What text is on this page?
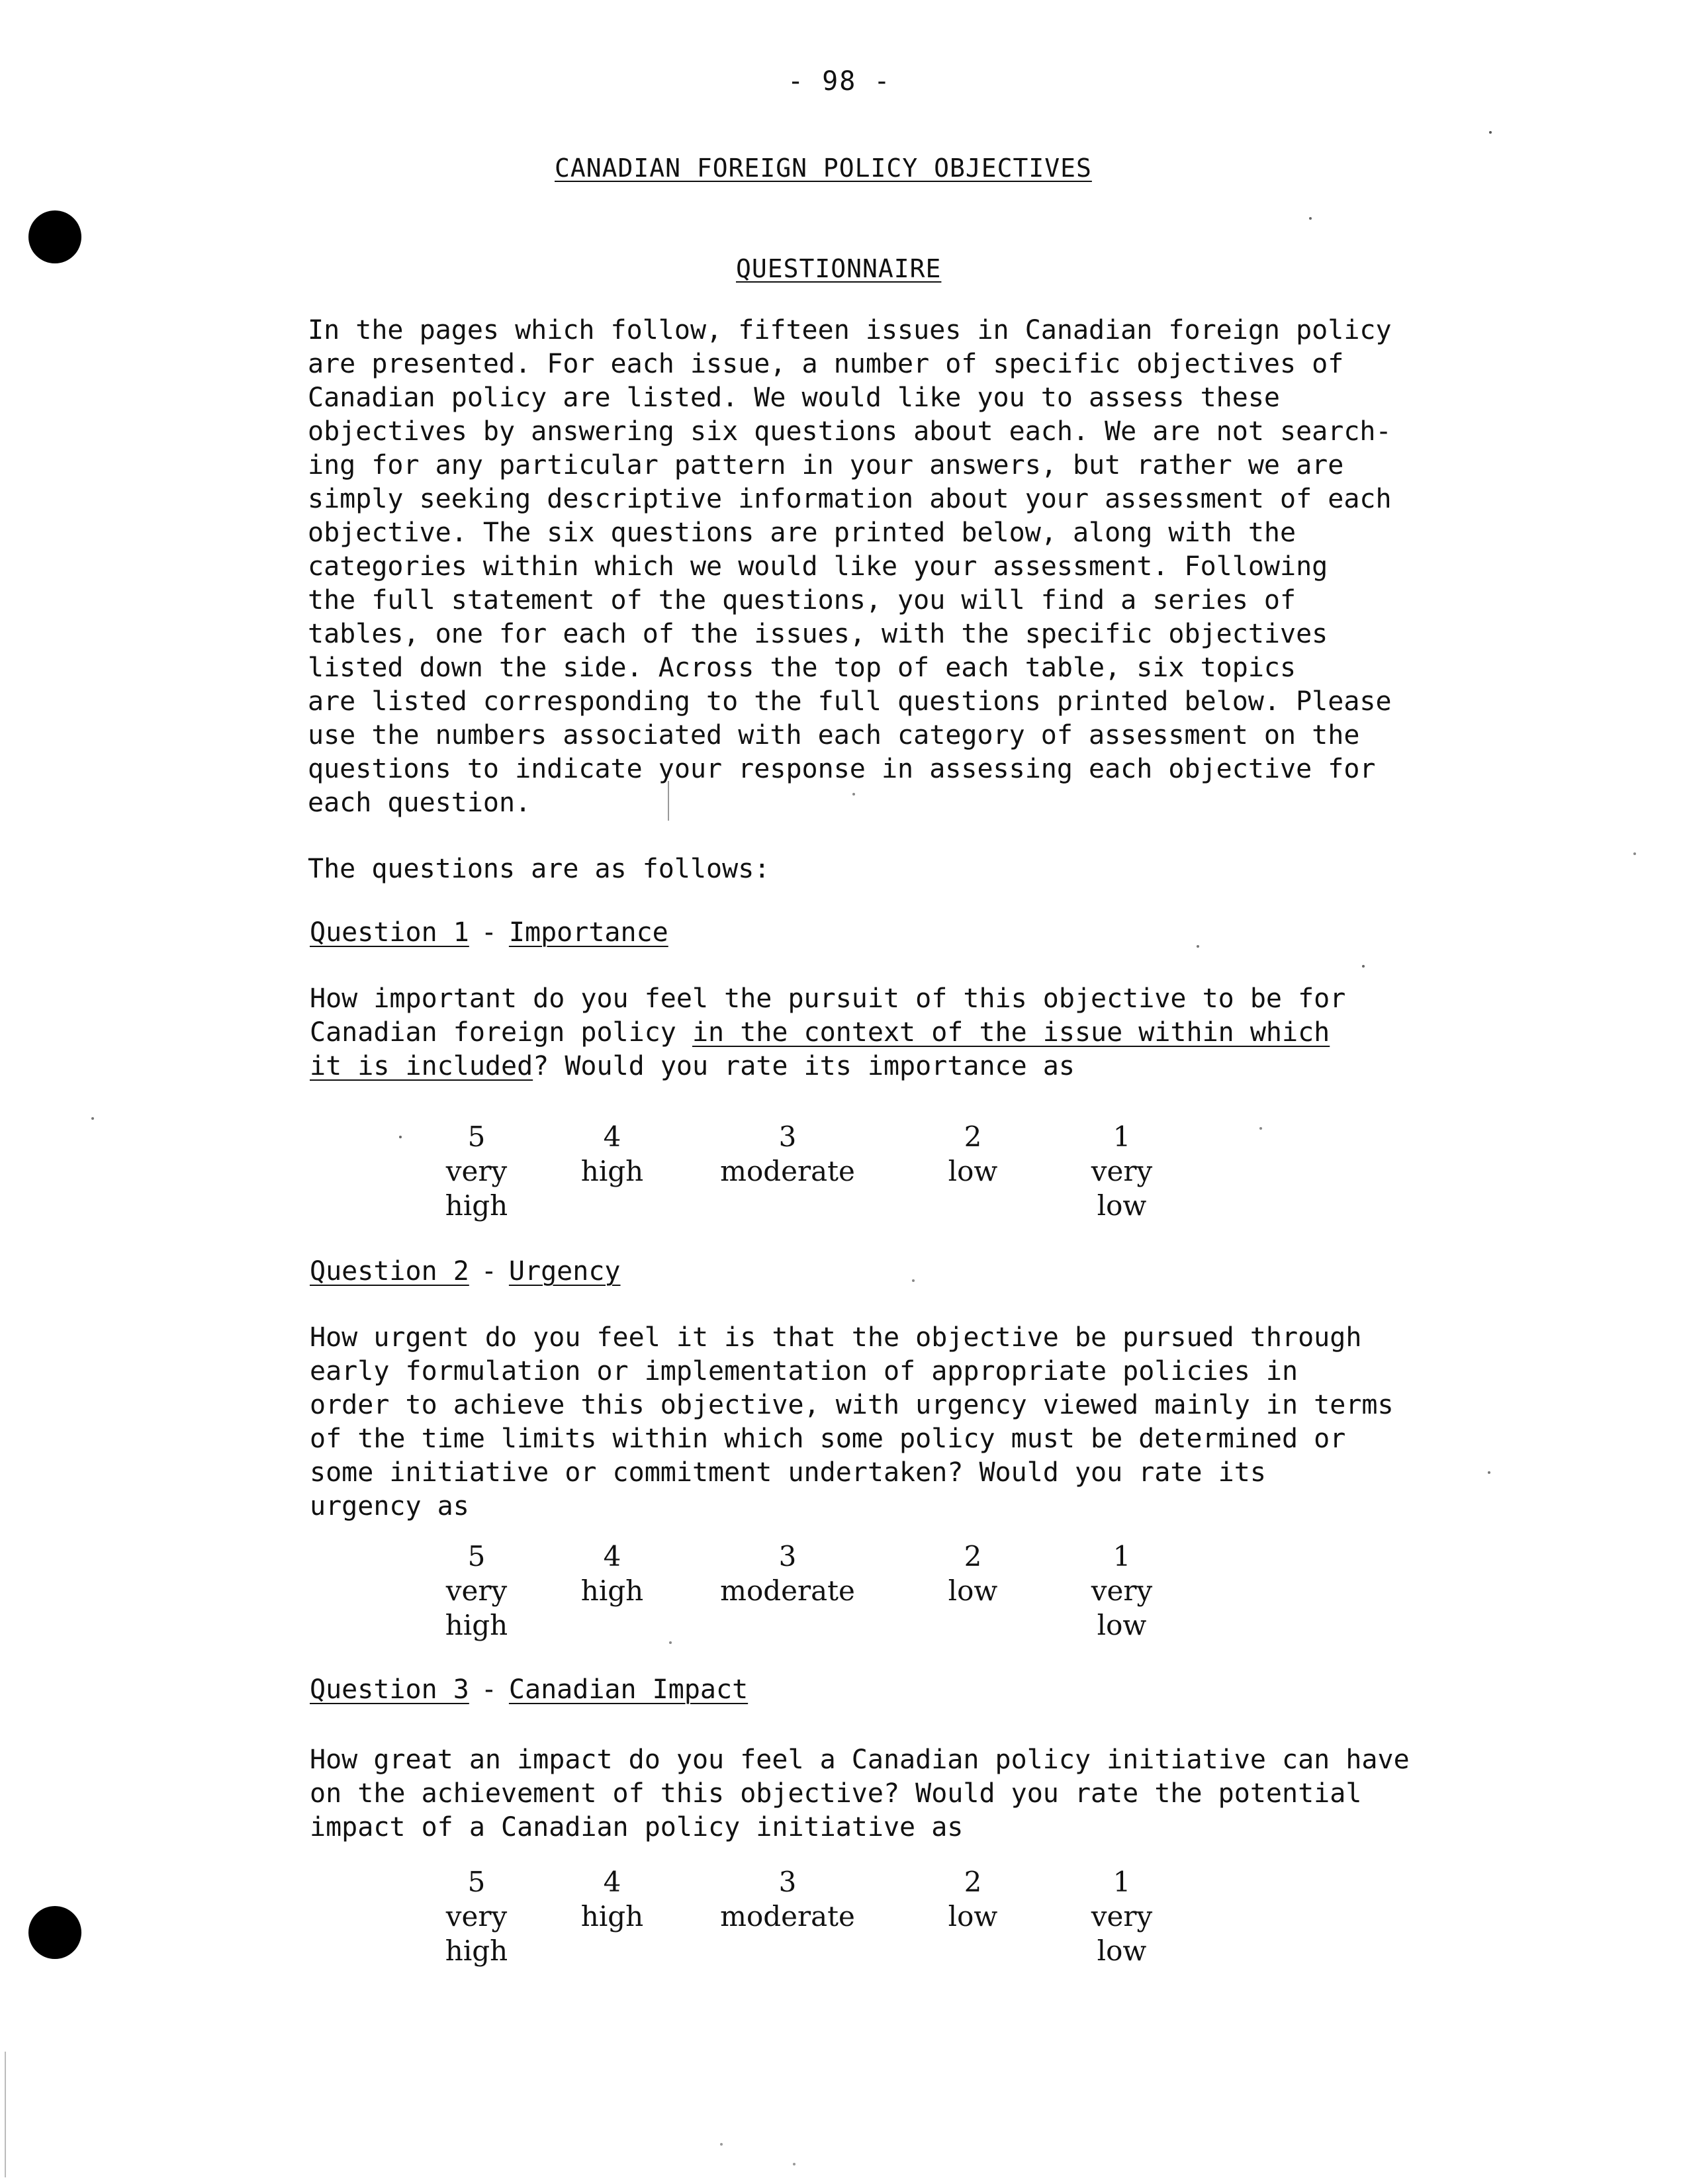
- 98 -
CANADIAN FOREIGN POLICY OBJECTIVES
QUESTIONNAIRE

In the pages which follow, fifteen issues in Canadian foreign policy

are presented. For each issue, a number of specific objectives of

Canadian policy are listed. We would like you to assess these

objectives by answering six questions about each. We are not search-

ing for any particular pattern in your answers, but rather we are

simply seeking descriptive information about your assessment of each

objective. The six questions are printed below, along with the

categories within which we would like your assessment. Following

the full statement of the questions, you will find a series of

tables, one for each of the issues, with the specific objectives

listed down the side. Across the top of each table, six topics

are listed corresponding to the full questions printed below. Please

use the numbers associated with each category of assessment on the

questions to indicate your response in assessing each objective for

each question.

The questions are as follows:
Question 1 - Importance

How important do you feel the pursuit of this objective to be for

Canadian foreign policy in the context of the issue within which

it is included? Would you rate its importance as

5
very
high
4
high
3
moderate
2
low
1
very
low
Question 2 - Urgency

How urgent do you feel it is that the objective be pursued through

early formulation or implementation of appropriate policies in

order to achieve this objective, with urgency viewed mainly in terms

of the time limits within which some policy must be determined or

some initiative or commitment undertaken? Would you rate its

urgency as

5
very
high
4
high
3
moderate
2
low
1
very
low
Question 3 - Canadian Impact

How great an impact do you feel a Canadian policy initiative can have

on the achievement of this objective? Would you rate the potential

impact of a Canadian policy initiative as

5
very
high
4
high
3
moderate
2
low
1
very
low
